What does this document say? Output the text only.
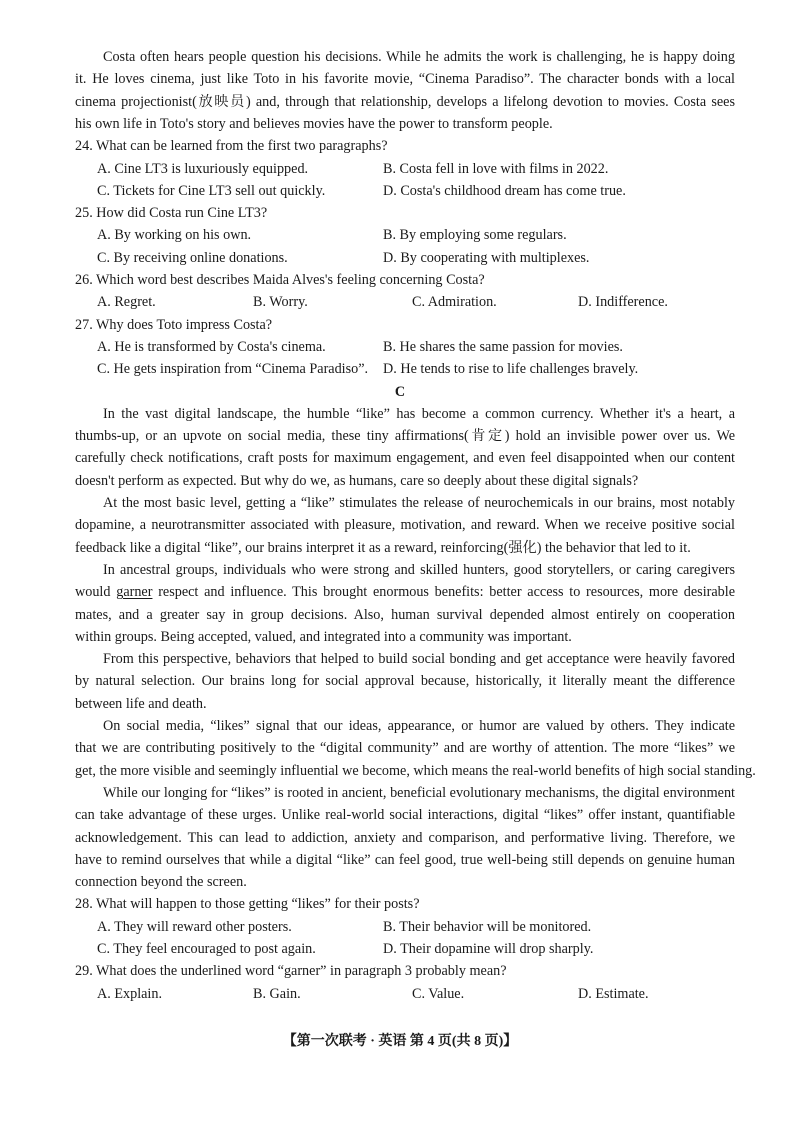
Costa often hears people question his decisions. While he admits the work is challenging, he is happy doing
it. He loves cinema, just like Toto in his favorite movie, “Cinema Paradiso”. The character bonds with a local
cinema projectionist(放映员) and, through that relationship, develops a lifelong devotion to movies. Costa sees
his own life in Toto's story and believes movies have the power to transform people.
24. What can be learned from the first two paragraphs?
A. Cine LT3 is luxuriously equipped.	B. Costa fell in love with films in 2022.
C. Tickets for Cine LT3 sell out quickly.	D. Costa's childhood dream has come true.
25. How did Costa run Cine LT3?
A. By working on his own.	B. By employing some regulars.
C. By receiving online donations.	D. By cooperating with multiplexes.
26. Which word best describes Maida Alves's feeling concerning Costa?
A. Regret.	B. Worry.	C. Admiration.	D. Indifference.
27. Why does Toto impress Costa?
A. He is transformed by Costa's cinema.	B. He shares the same passion for movies.
C. He gets inspiration from “Cinema Paradiso”. D. He tends to rise to life challenges bravely.
C
In the vast digital landscape, the humble “like” has become a common currency. Whether it's a heart, a
thumbs-up, or an upvote on social media, these tiny affirmations(肯定) hold an invisible power over us. We
carefully check notifications, craft posts for maximum engagement, and even feel disappointed when our content
doesn't perform as expected. But why do we, as humans, care so deeply about these digital signals?
At the most basic level, getting a “like” stimulates the release of neurochemicals in our brains, most notably
dopamine, a neurotransmitter associated with pleasure, motivation, and reward. When we receive positive social
feedback like a digital “like”, our brains interpret it as a reward, reinforcing(强化) the behavior that led to it.
In ancestral groups, individuals who were strong and skilled hunters, good storytellers, or caring caregivers
would garner respect and influence. This brought enormous benefits: better access to resources, more desirable
mates, and a greater say in group decisions. Also, human survival depended almost entirely on cooperation
within groups. Being accepted, valued, and integrated into a community was important.
From this perspective, behaviors that helped to build social bonding and get acceptance were heavily favored
by natural selection. Our brains long for social approval because, historically, it literally meant the difference
between life and death.
On social media, “likes” signal that our ideas, appearance, or humor are valued by others. They indicate
that we are contributing positively to the “digital community” and are worthy of attention. The more “likes” we
get, the more visible and seemingly influential we become, which means the real-world benefits of high social standing.
While our longing for “likes” is rooted in ancient, beneficial evolutionary mechanisms, the digital environment
can take advantage of these urges. Unlike real-world social interactions, digital “likes” offer instant, quantifiable
acknowledgement. This can lead to addiction, anxiety and comparison, and performative living. Therefore, we
have to remind ourselves that while a digital “like” can feel good, true well-being still depends on genuine human
connection beyond the screen.
28. What will happen to those getting “likes” for their posts?
A. They will reward other posters.	B. Their behavior will be monitored.
C. They feel encouraged to post again.	D. Their dopamine will drop sharply.
29. What does the underlined word “garner” in paragraph 3 probably mean?
A. Explain.	B. Gain.	C. Value.	D. Estimate.
【第一次联考 · 英语 第 4 页(共 8 页)】
